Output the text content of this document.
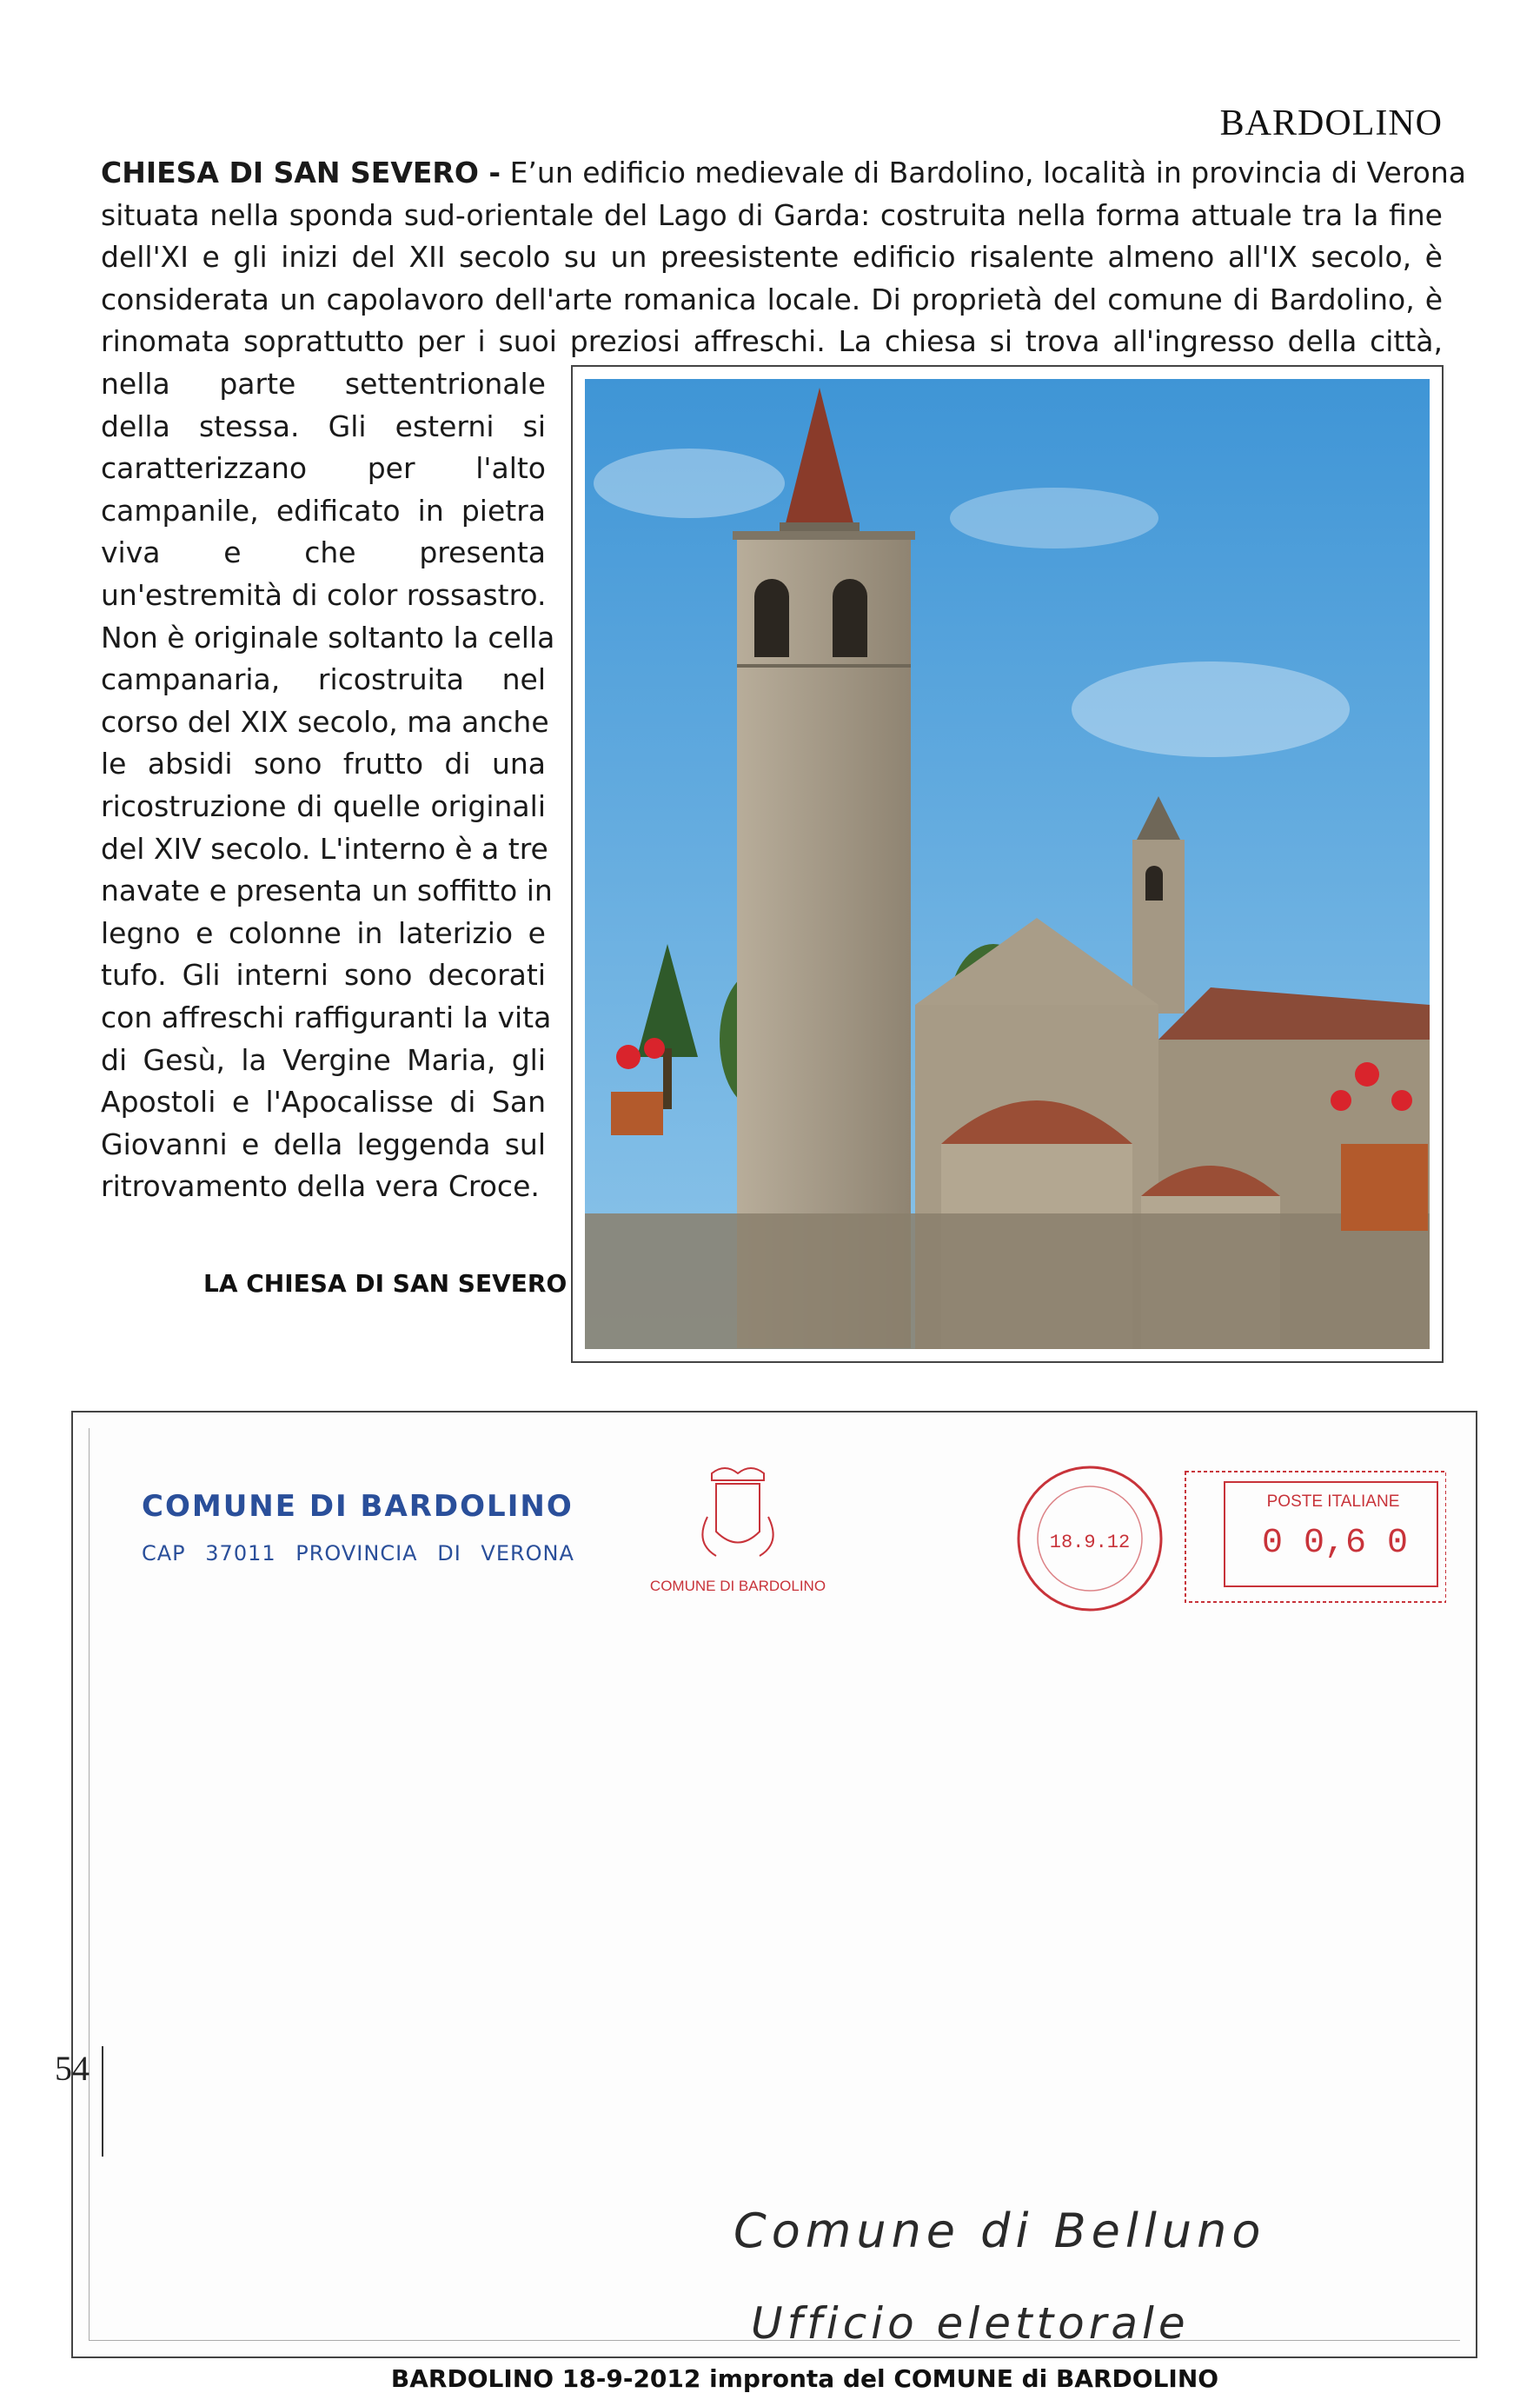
BARDOLINO
CHIESA DI SAN SEVERO - E’un edificio medievale di Bardolino, località in provincia di Verona
situata nella sponda sud-orientale del Lago di Garda: costruita nella forma attuale tra la fine
dell'XI e gli inizi del XII secolo su un preesistente edificio risalente almeno all'IX secolo, è
considerata un capolavoro dell'arte romanica locale. Di proprietà del comune di Bardolino, è
rinomata soprattutto per i suoi preziosi affreschi. La chiesa si trova all'ingresso della città,
nella parte settentrionale
della stessa. Gli esterni si
caratterizzano per l'alto
campanile, edificato in pietra
viva e che presenta
un'estremità di color rossastro.
Non è originale soltanto la cella
campanaria, ricostruita nel
corso del XIX secolo, ma anche
le absidi sono frutto di una
ricostruzione di quelle originali
del XIV secolo. L'interno è a tre
navate e presenta un soffitto in
legno e colonne in laterizio e
tufo. Gli interni sono decorati
con affreschi raffiguranti la vita
di Gesù, la Vergine Maria, gli
Apostoli e l'Apocalisse di San
Giovanni e della leggenda sul
ritrovamento della vera Croce.
LA CHIESA DI SAN SEVERO
COMUNE DI BARDOLINO
CAP 37011 PROVINCIA DI VERONA
COMUNE DI BARDOLINO
18.9.12
POSTE ITALIANE
0 0,6 0
Comune di Belluno
Ufficio elettorale
BARDOLINO 18-9-2012 impronta del COMUNE di BARDOLINO
54
